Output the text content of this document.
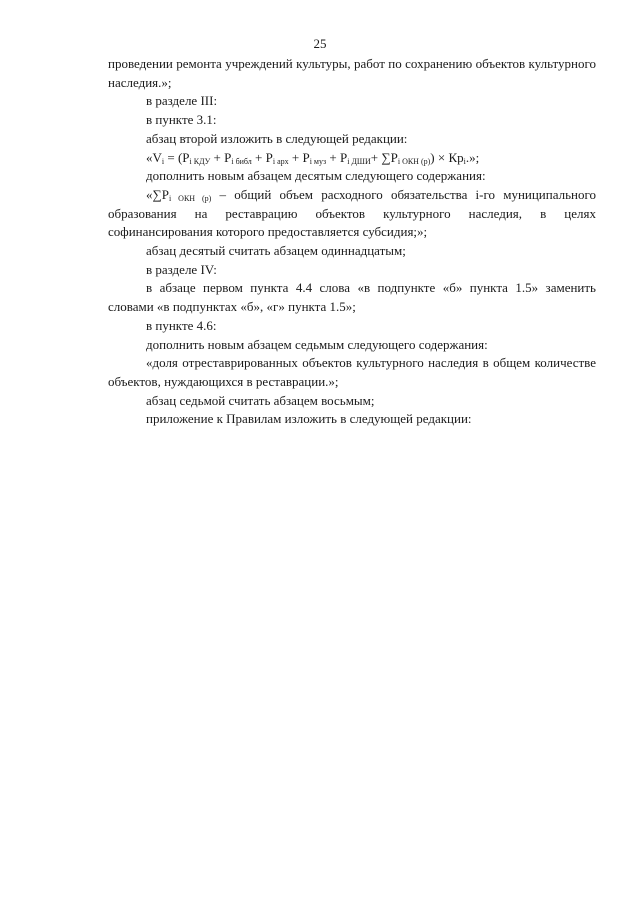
25

проведении ремонта учреждений культуры, работ по сохранению объектов культурного наследия.»;

в разделе III:

в пункте 3.1:

абзац второй изложить в следующей редакции:

«$V_i = (P_{i КДУ} + P_{i библ} + P_{i арх} + P_{i муз} + P_{i ДШИ}+ \sum P_{i ОКН (р)}) \times Кр_i$.»;

дополнить новым абзацем десятым следующего содержания:

«$\sum P_{i ОКН (р)}$ – общий объем расходного обязательства i-го муниципального образования на реставрацию объектов культурного наследия, в целях софинансирования которого предоставляется субсидия;»;

абзац десятый считать абзацем одиннадцатым;

в разделе IV:

в абзаце первом пункта 4.4 слова «в подпункте «б» пункта 1.5» заменить словами «в подпунктах «б», «г» пункта 1.5»;

в пункте 4.6:

дополнить новым абзацем седьмым следующего содержания:

«доля отреставрированных объектов культурного наследия в общем количестве объектов, нуждающихся в реставрации.»;

абзац седьмой считать абзацем восьмым;

приложение к Правилам изложить в следующей редакции:
